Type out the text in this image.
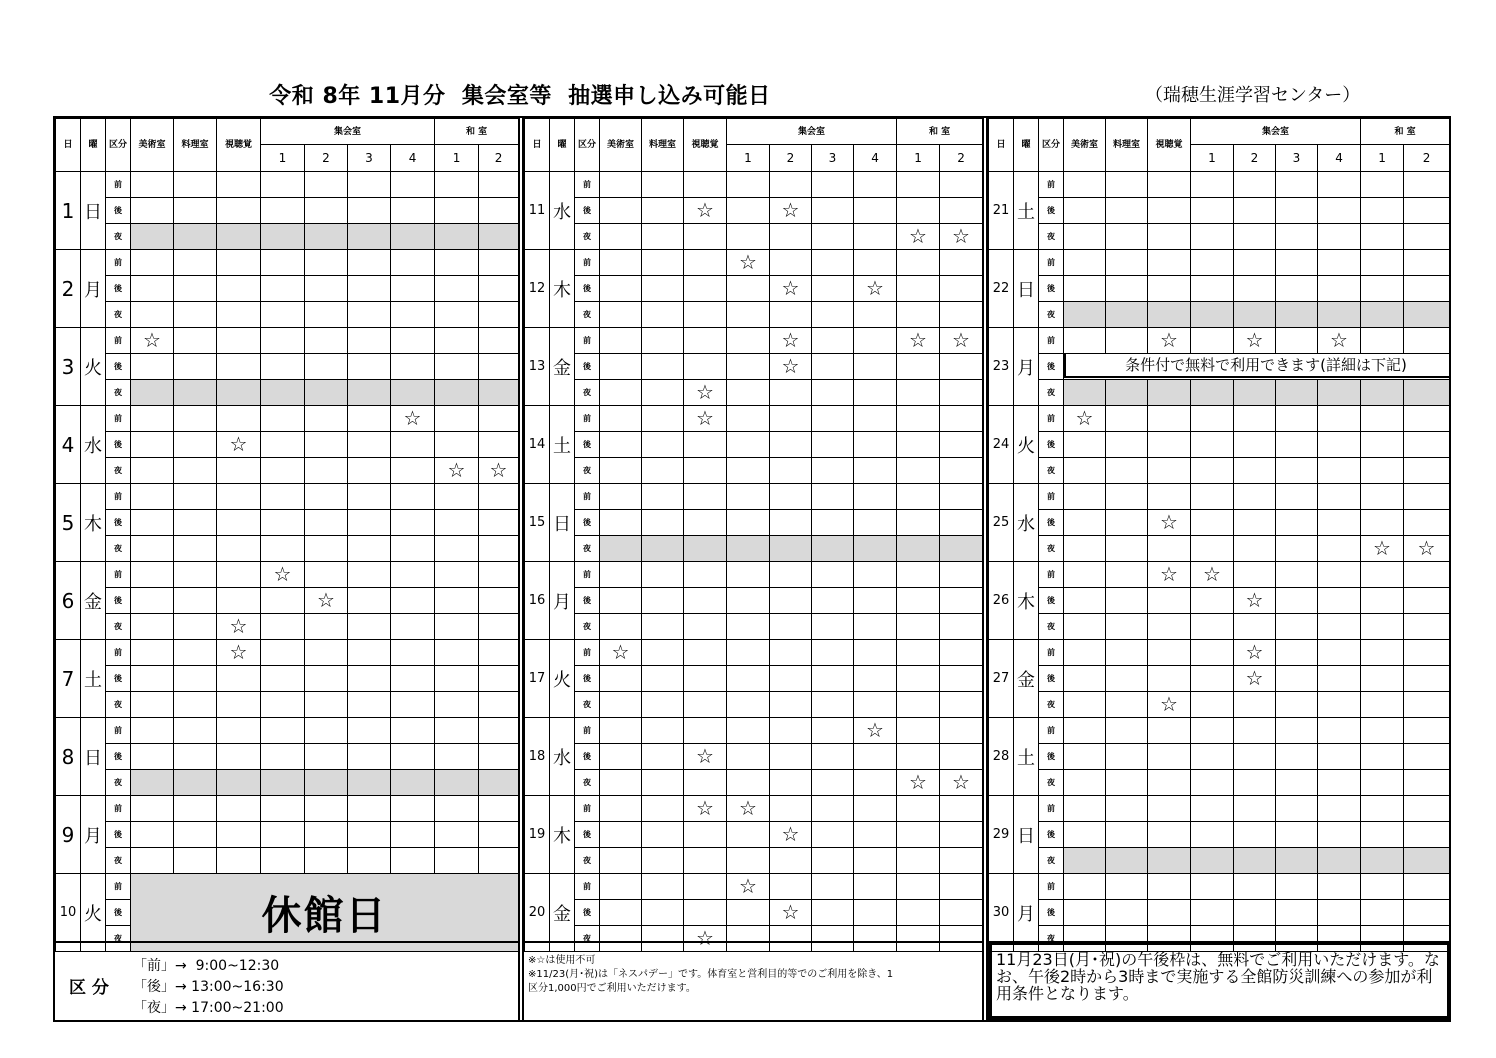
令和 8年 11月分  集会室等  抽選申し込み可能日	（瑞穂生涯学習センター）
日	曜	区分	美術室	料理室	視聴覚	集会室				和 室	
						1	2	3	4	1	2
1	日	前									
		後									
		夜									
2	月	前									
		後									
		夜									
3	火	前	☆								
		後									
		夜									
4	水	前							☆		
		後			☆						
		夜								☆	☆
5	木	前									
		後									
		夜									
6	金	前				☆					
		後					☆				
		夜			☆						
7	土	前			☆						
		後									
		夜									
8	日	前									
		後									
		夜									
9	月	前									
		後									
		夜									
10	火	前	休館日								
		後									
		夜									
日	曜	区分	美術室	料理室	視聴覚	集会室				和 室	
						1	2	3	4	1	2
11	水	前									
		後			☆		☆				
		夜								☆	☆
12	木	前				☆					
		後					☆		☆		
		夜									
13	金	前					☆			☆	☆
		後					☆				
		夜			☆						
14	土	前			☆						
		後									
		夜									
15	日	前									
		後									
		夜									
16	月	前									
		後									
		夜									
17	火	前	☆								
		後									
		夜									
18	水	前							☆		
		後			☆						
		夜								☆	☆
19	木	前			☆	☆					
		後					☆				
		夜									
20	金	前				☆					
		後					☆				
		夜			☆						
日	曜	区分	美術室	料理室	視聴覚	集会室				和 室	
						1	2	3	4	1	2
21	土	前									
		後									
		夜									
22	日	前									
		後									
		夜									
23	月	前			☆		☆		☆		
		後	条件付で無料で利用できます(詳細は下記)								

		夜									
24	火	前	☆								
		後									
		夜									
25	水	前									
		後			☆						
		夜								☆	☆
26	木	前			☆	☆					
		後					☆				
		夜									
27	金	前					☆				
		後					☆				
		夜			☆						
28	土	前									
		後									
		夜									
29	日	前									
		後									
		夜									
30	月	前									
		後									
		夜									
区 分
「前」→  9:00~12:30
「後」→ 13:00~16:30
「夜」→ 17:00~21:00
※☆は使用不可
※11/23(月･祝)は「ネスパデー」です。体育室と営利目的等でのご利用を除き、1
区分1,000円でご利用いただけます。
11月23日(月･祝)の午後枠は、無料でご利用いただけます。なお、午後2時から3時まで実施する全館防災訓練への参加が利用条件となります。
